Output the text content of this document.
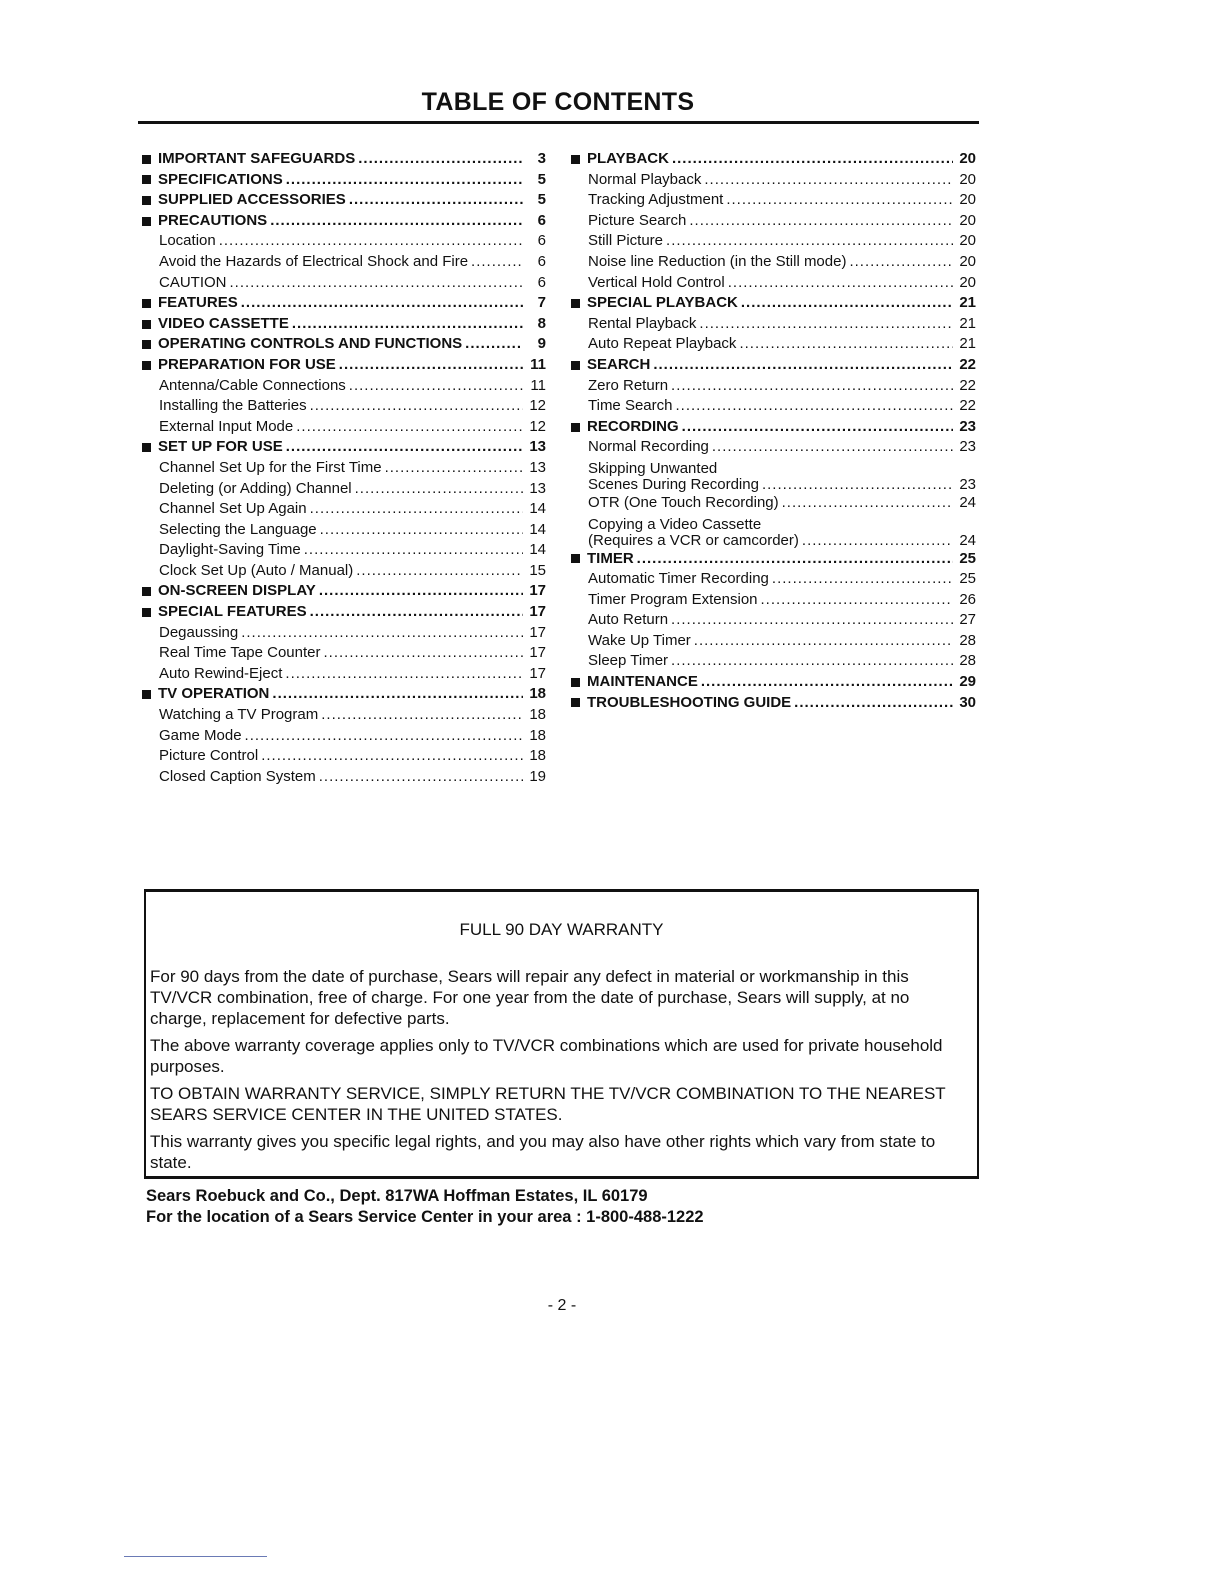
TABLE OF CONTENTS
IMPORTANT SAFEGUARDS .....	3
SPECIFICATIONS .....	5
SUPPLIED ACCESSORIES .....	5
PRECAUTIONS .....	6
Location .....	6
Avoid the Hazards of Electrical Shock and Fire .....	6
CAUTION .....	6
FEATURES .....	7
VIDEO CASSETTE .....	8
OPERATING CONTROLS AND FUNCTIONS .....	9
PREPARATION FOR USE .....	11
Antenna/Cable Connections .....	11
Installing the Batteries .....	12
External Input Mode .....	12
SET UP FOR USE .....	13
Channel Set Up for the First Time .....	13
Deleting (or Adding) Channel .....	13
Channel Set Up Again .....	14
Selecting the Language .....	14
Daylight-Saving Time .....	14
Clock Set Up (Auto / Manual) .....	15
ON-SCREEN DISPLAY .....	17
SPECIAL FEATURES .....	17
Degaussing .....	17
Real Time Tape Counter .....	17
Auto Rewind-Eject .....	17
TV OPERATION .....	18
Watching a TV Program .....	18
Game Mode .....	18
Picture Control .....	18
Closed Caption System .....	19
PLAYBACK .....	20
Normal Playback .....	20
Tracking Adjustment .....	20
Picture Search .....	20
Still Picture .....	20
Noise line Reduction (in the Still mode) .....	20
Vertical Hold Control .....	20
SPECIAL PLAYBACK .....	21
Rental Playback .....	21
Auto Repeat Playback .....	21
SEARCH .....	22
Zero Return .....	22
Time Search .....	22
RECORDING .....	23
Normal Recording .....	23
Skipping Unwanted
Scenes During Recording .....	23
OTR (One Touch Recording) .....	24
Copying a Video Cassette
(Requires a VCR or camcorder) .....	24
TIMER .....	25
Automatic Timer Recording .....	25
Timer Program Extension .....	26
Auto Return .....	27
Wake Up Timer .....	28
Sleep Timer .....	28
MAINTENANCE .....	29
TROUBLESHOOTING GUIDE .....	30
FULL 90 DAY WARRANTY

For 90 days from the date of purchase, Sears will repair any defect in material or workmanship in this TV/VCR combination, free of charge. For one year from the date of purchase, Sears will supply, at no charge, replacement for defective parts.

The above warranty coverage applies only to TV/VCR combinations which are used for private household purposes.

TO OBTAIN WARRANTY SERVICE, SIMPLY RETURN THE TV/VCR COMBINATION TO THE NEAREST SEARS SERVICE CENTER IN THE UNITED STATES.

This warranty gives you specific legal rights, and you may also have other rights which vary from state to state.

Sears Roebuck and Co., Dept. 817WA Hoffman Estates, IL 60179
For the location of a Sears Service Center in your area : 1-800-488-1222
- 2 -
